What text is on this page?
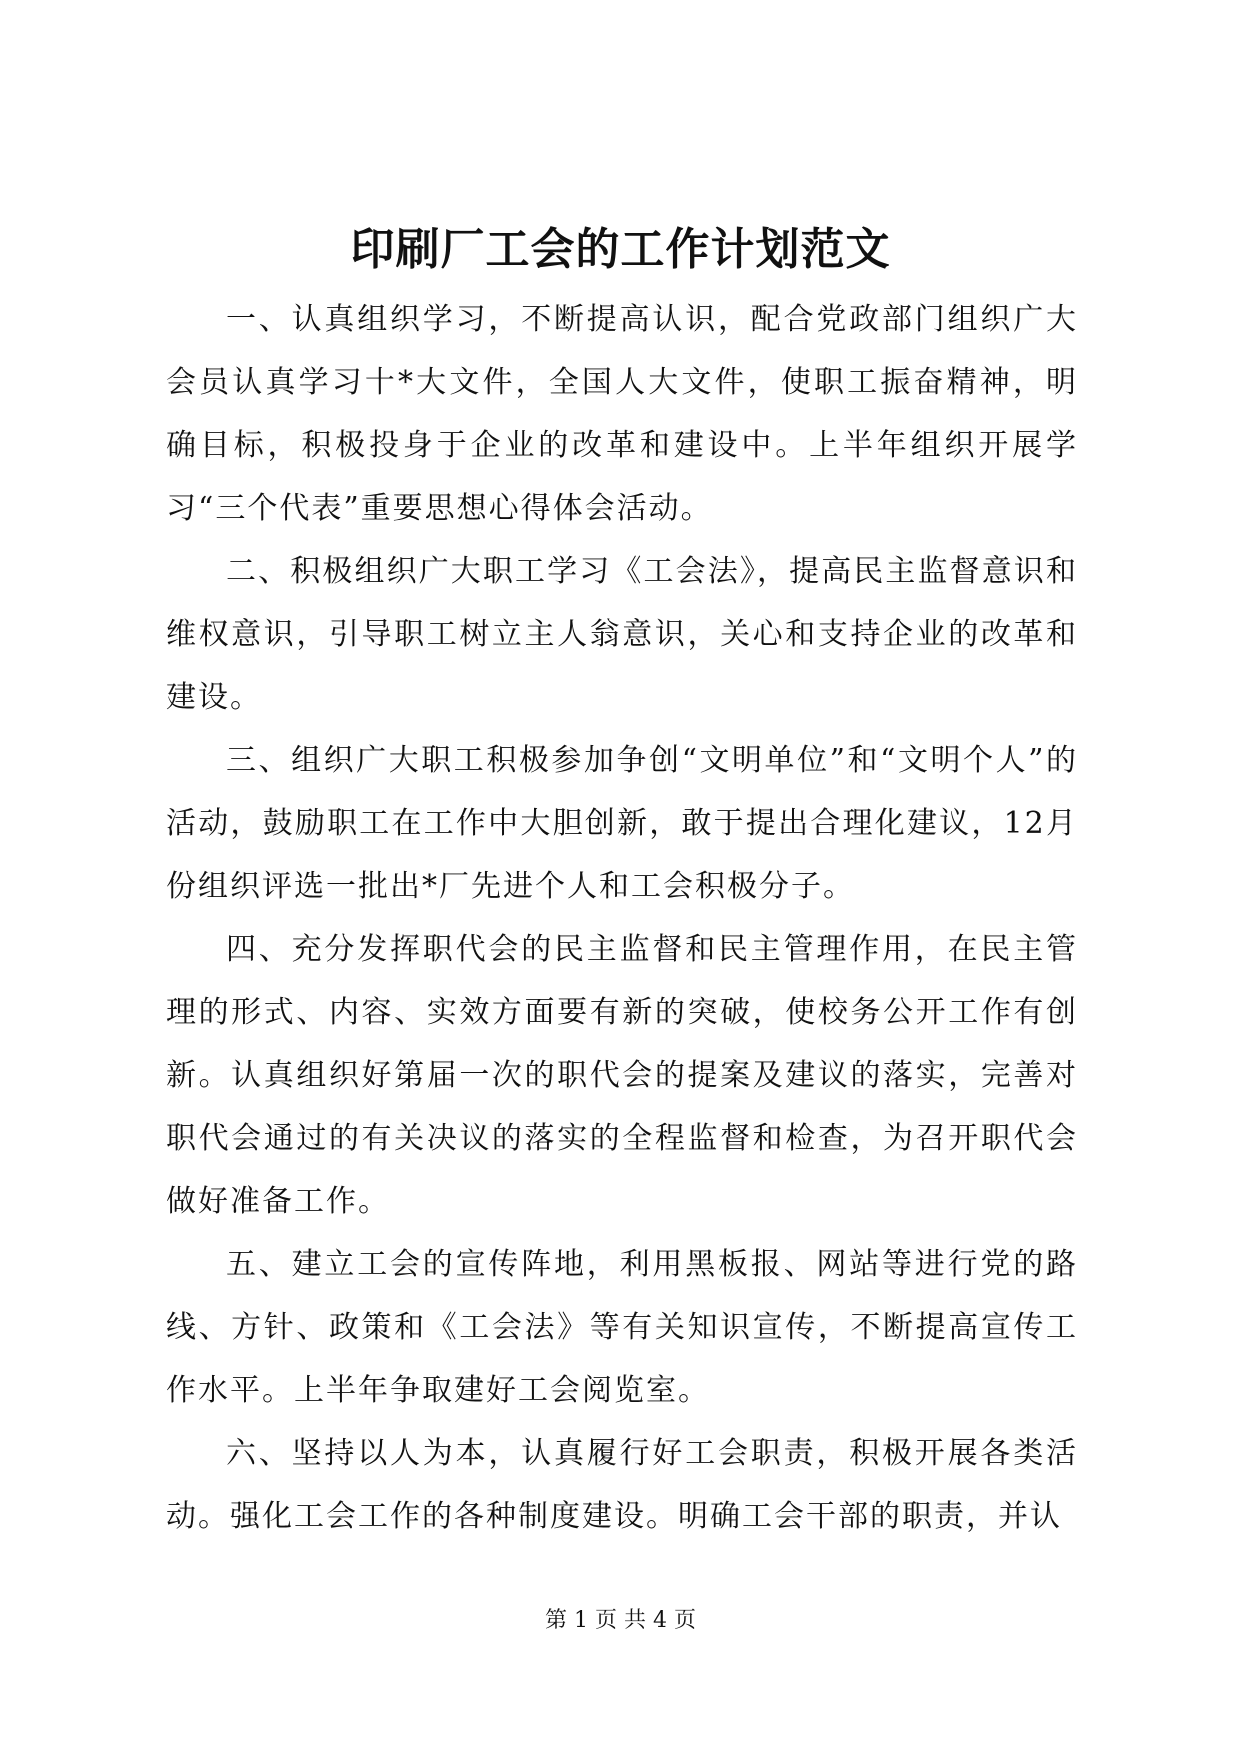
印刷厂工会的工作计划范文

一、认真组织学习，不断提高认识，配合党政部门组织广大会员认真学习十*大文件，全国人大文件，使职工振奋精神，明确目标，积极投身于企业的改革和建设中。上半年组织开展学习“三个代表”重要思想心得体会活动。

二、积极组织广大职工学习《工会法》，提高民主监督意识和维权意识，引导职工树立主人翁意识，关心和支持企业的改革和建设。

三、组织广大职工积极参加争创“文明单位”和“文明个人”的活动，鼓励职工在工作中大胆创新，敢于提出合理化建议，12月份组织评选一批出*厂先进个人和工会积极分子。

四、充分发挥职代会的民主监督和民主管理作用，在民主管理的形式、内容、实效方面要有新的突破，使校务公开工作有创新。认真组织好第届一次的职代会的提案及建议的落实，完善对职代会通过的有关决议的落实的全程监督和检查，为召开职代会做好准备工作。

五、建立工会的宣传阵地，利用黑板报、网站等进行党的路线、方针、政策和《工会法》等有关知识宣传，不断提高宣传工作水平。上半年争取建好工会阅览室。

六、坚持以人为本，认真履行好工会职责，积极开展各类活动。强化工会工作的各种制度建设。明确工会干部的职责，并认

第 1 页 共 4 页
